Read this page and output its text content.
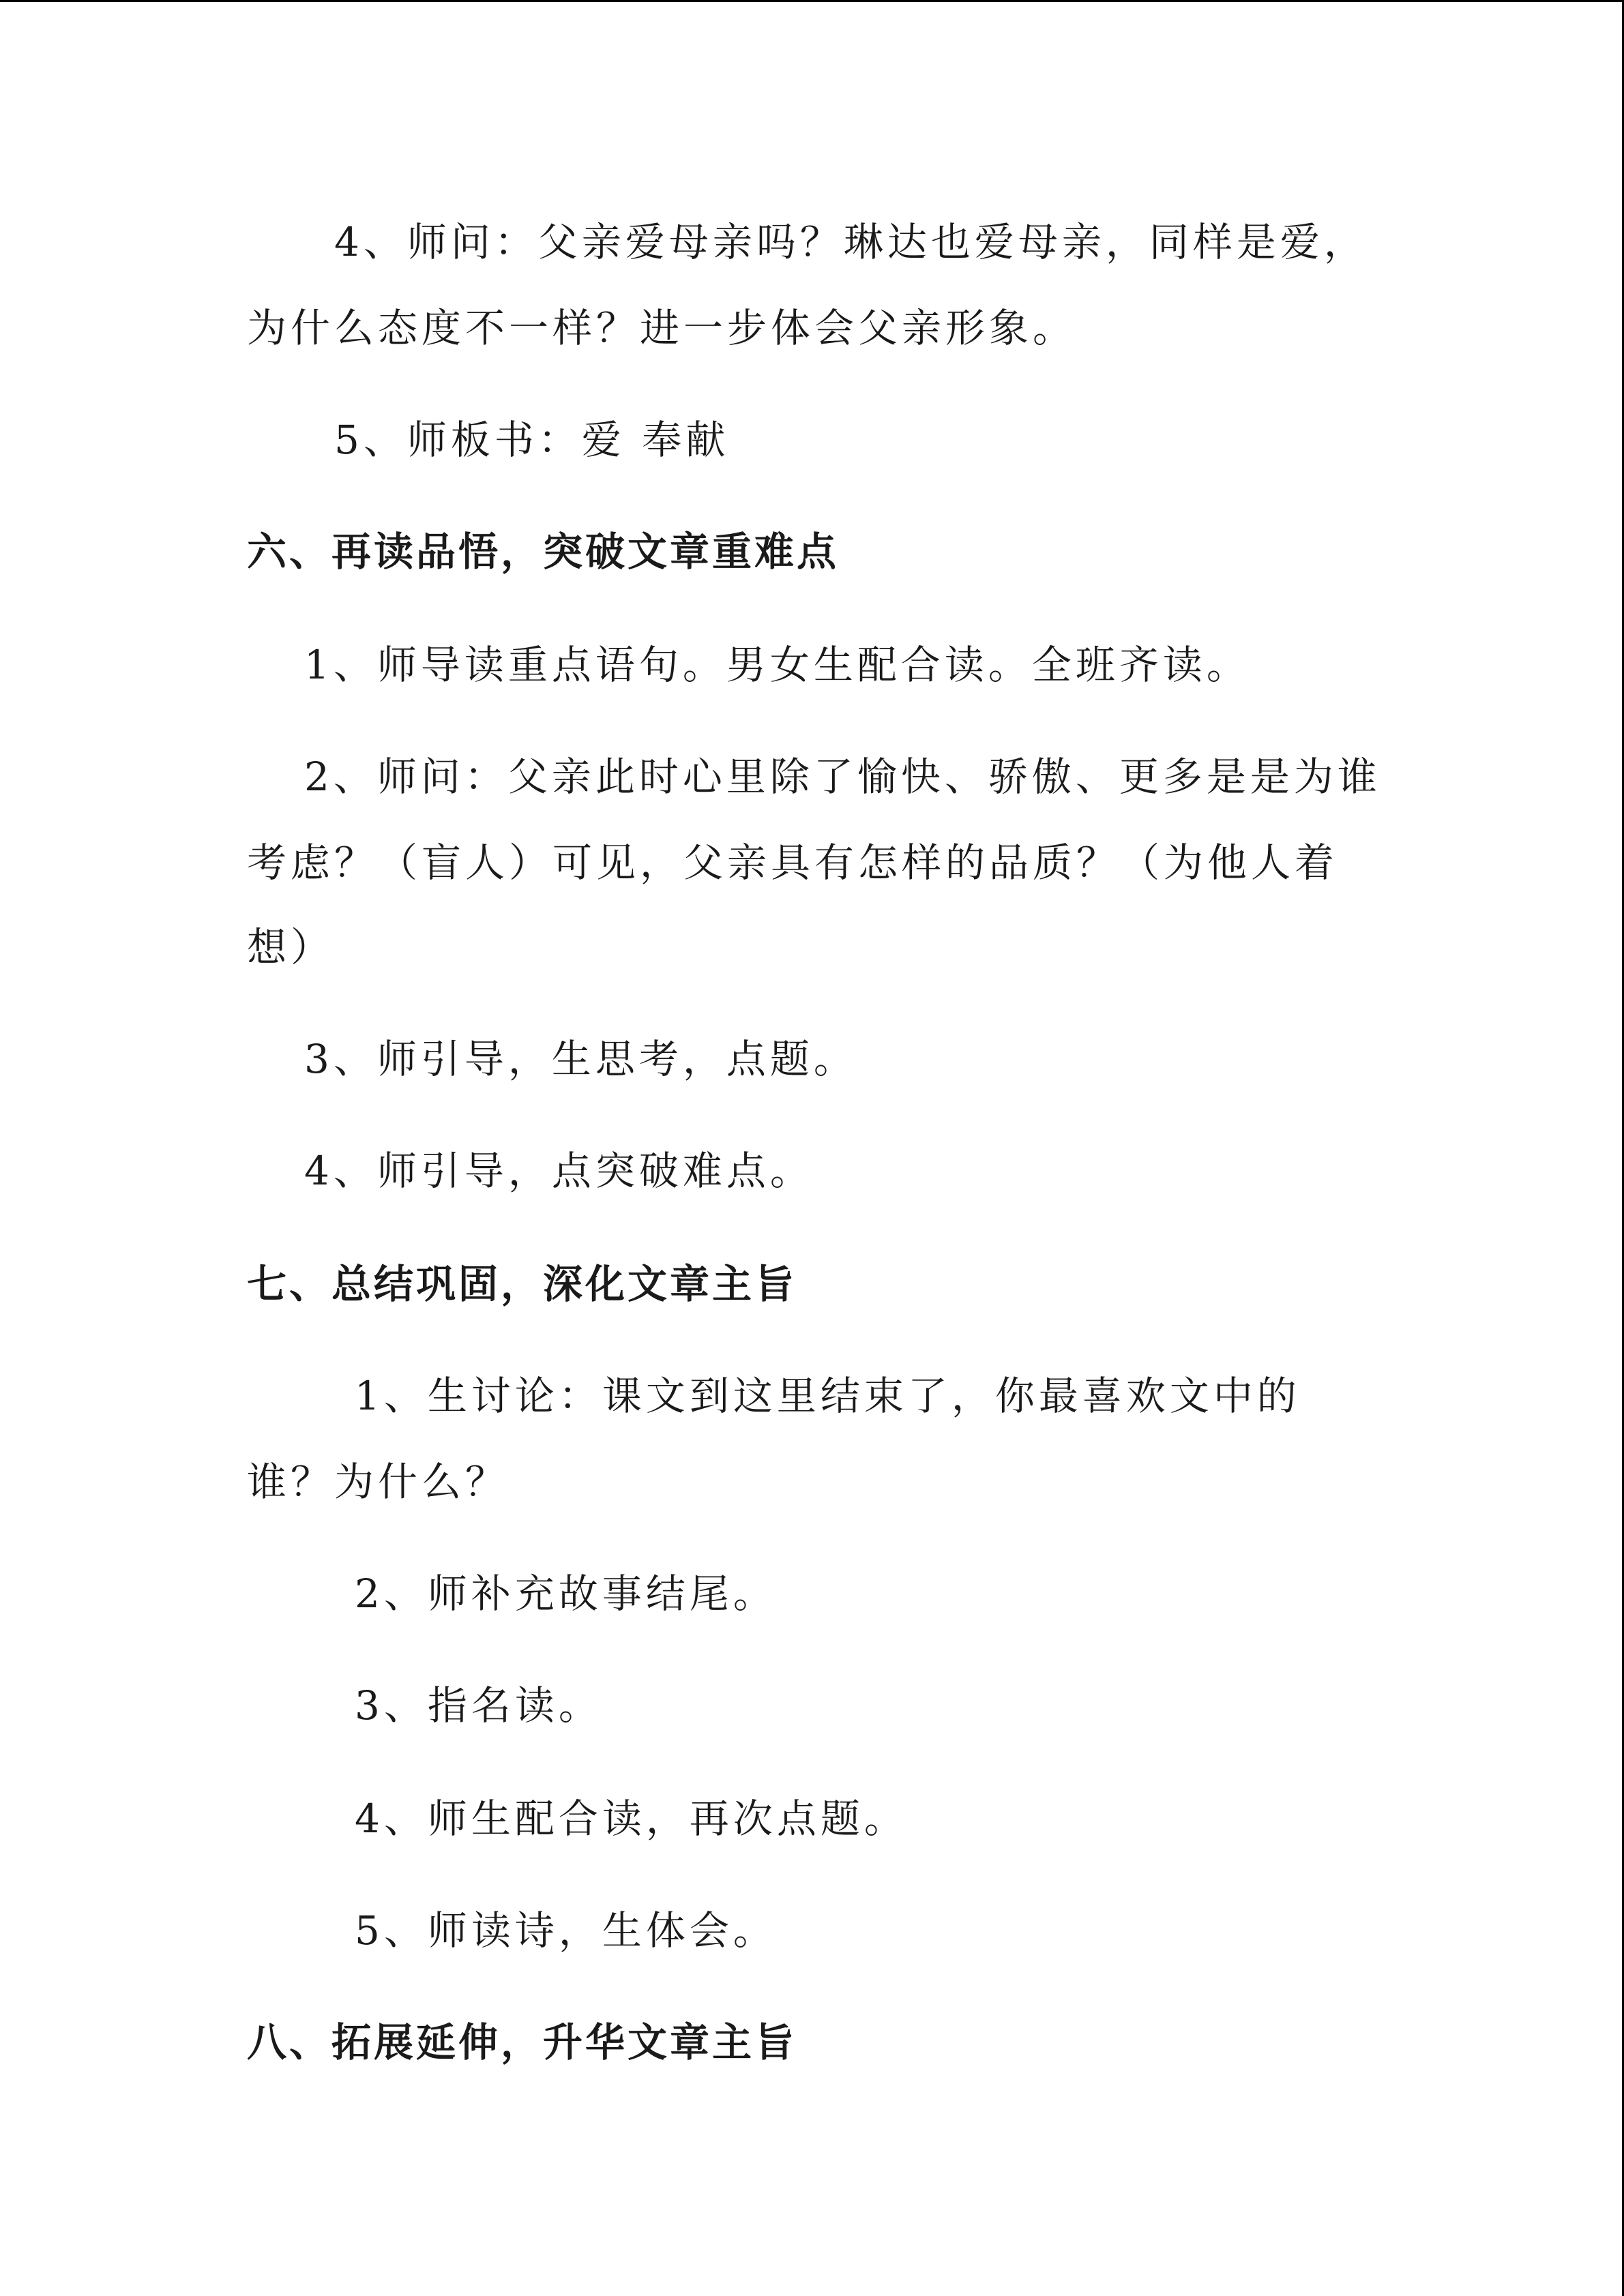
4、师问：父亲爱母亲吗？琳达也爱母亲，同样是爱，
为什么态度不一样？进一步体会父亲形象。
5、师板书：爱 奉献
六、再读品悟，突破文章重难点
1、师导读重点语句。男女生配合读。全班齐读。
2、师问：父亲此时心里除了愉快、骄傲、更多是是为谁
考虑？（盲人）可见，父亲具有怎样的品质？（为他人着
想）
3、师引导，生思考，点题。
4、师引导，点突破难点。
七、总结巩固，深化文章主旨
1、生讨论：课文到这里结束了，你最喜欢文中的
谁？为什么？
2、师补充故事结尾。
3、指名读。
4、师生配合读，再次点题。
5、师读诗，生体会。
八、拓展延伸，升华文章主旨
